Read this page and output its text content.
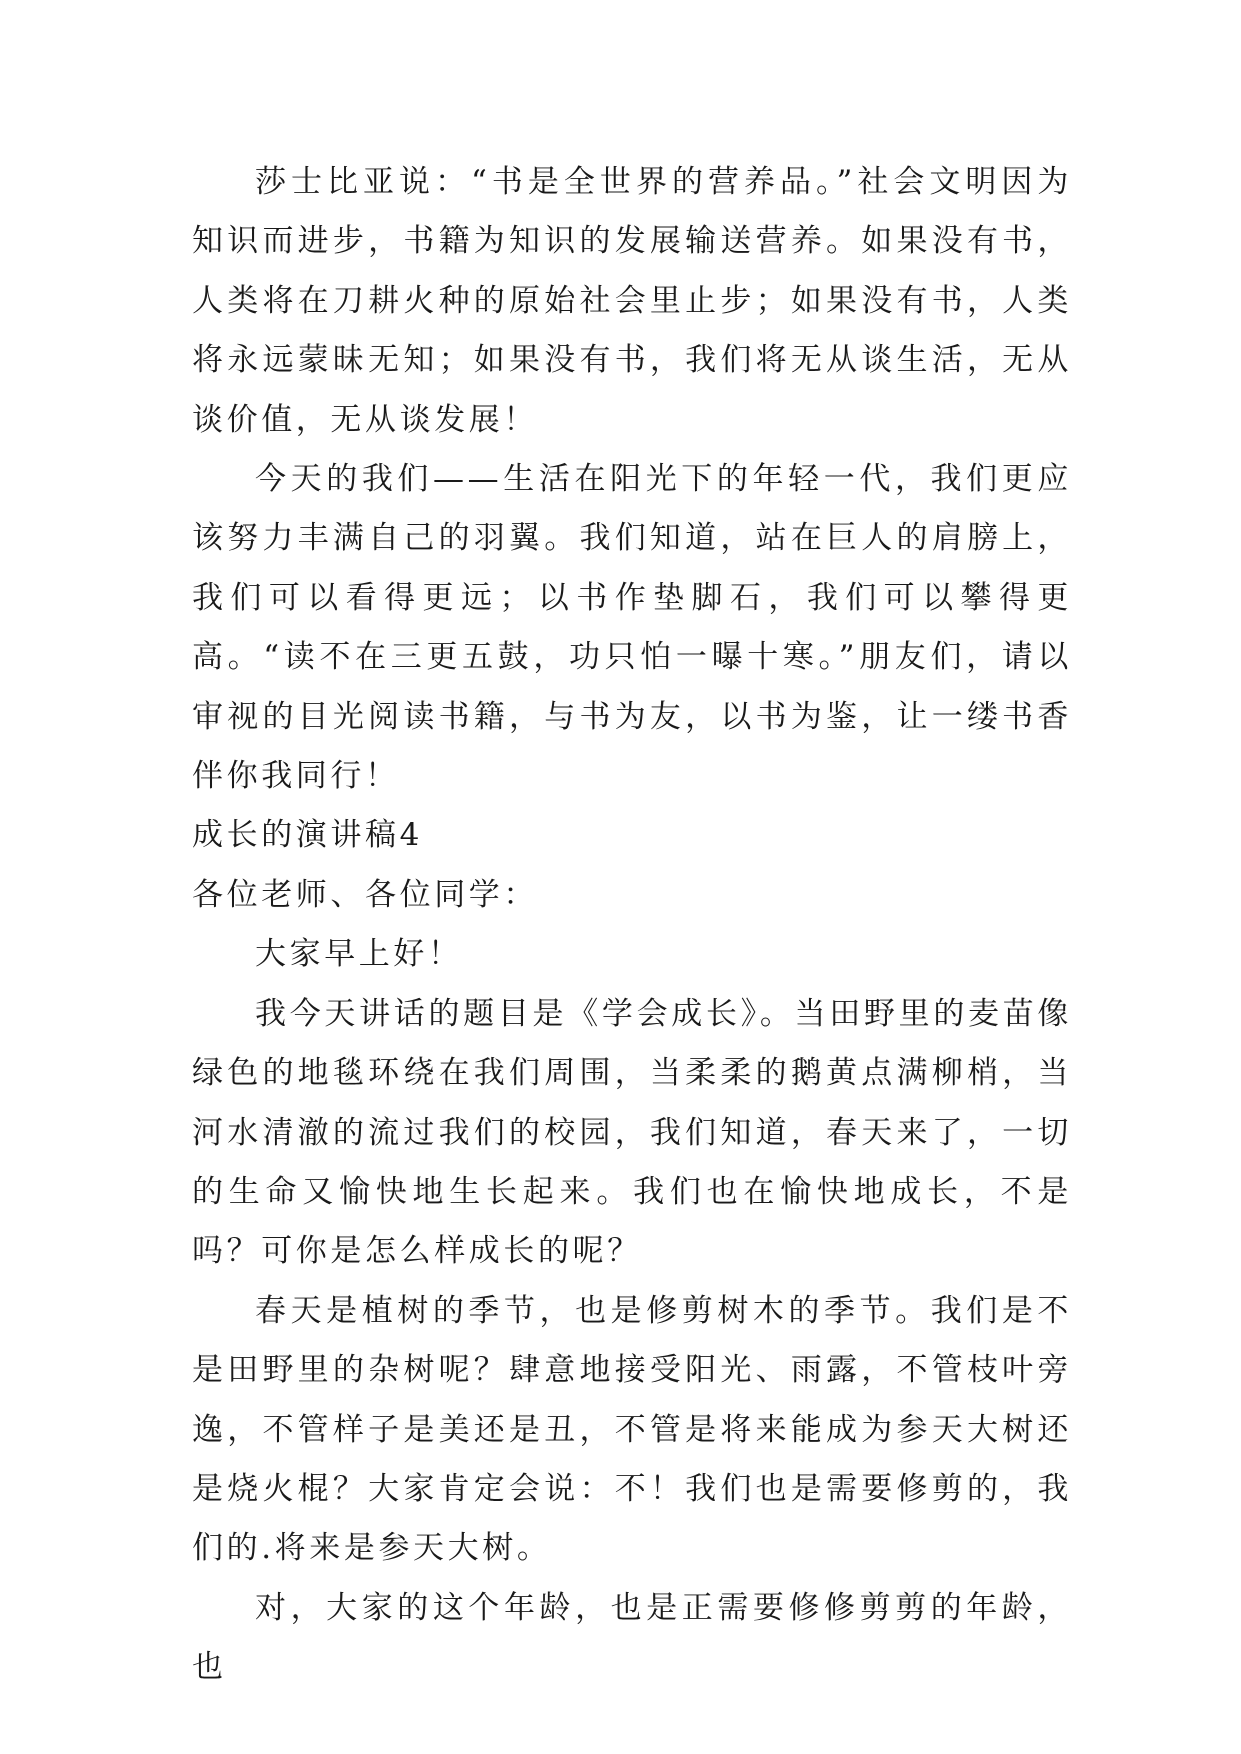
莎士比亚说：“书是全世界的营养品。”社会文明因为知识而进步，书籍为知识的发展输送营养。如果没有书，人类将在刀耕火种的原始社会里止步；如果没有书，人类将永远蒙昧无知；如果没有书，我们将无从谈生活，无从谈价值，无从谈发展！

今天的我们——生活在阳光下的年轻一代，我们更应该努力丰满自己的羽翼。我们知道，站在巨人的肩膀上，我们可以看得更远；以书作垫脚石，我们可以攀得更高。“读不在三更五鼓，功只怕一曝十寒。”朋友们，请以审视的目光阅读书籍，与书为友，以书为鉴，让一缕书香伴你我同行！

成长的演讲稿4

各位老师、各位同学：

大家早上好！

我今天讲话的题目是《学会成长》。当田野里的麦苗像绿色的地毯环绕在我们周围，当柔柔的鹅黄点满柳梢，当河水清澈的流过我们的校园，我们知道，春天来了，一切的生命又愉快地生长起来。我们也在愉快地成长，不是吗？可你是怎么样成长的呢？

春天是植树的季节，也是修剪树木的季节。我们是不是田野里的杂树呢？肆意地接受阳光、雨露，不管枝叶旁逸，不管样子是美还是丑，不管是将来能成为参天大树还是烧火棍？大家肯定会说：不！我们也是需要修剪的，我们的.将来是参天大树。

对，大家的这个年龄，也是正需要修修剪剪的年龄，也
